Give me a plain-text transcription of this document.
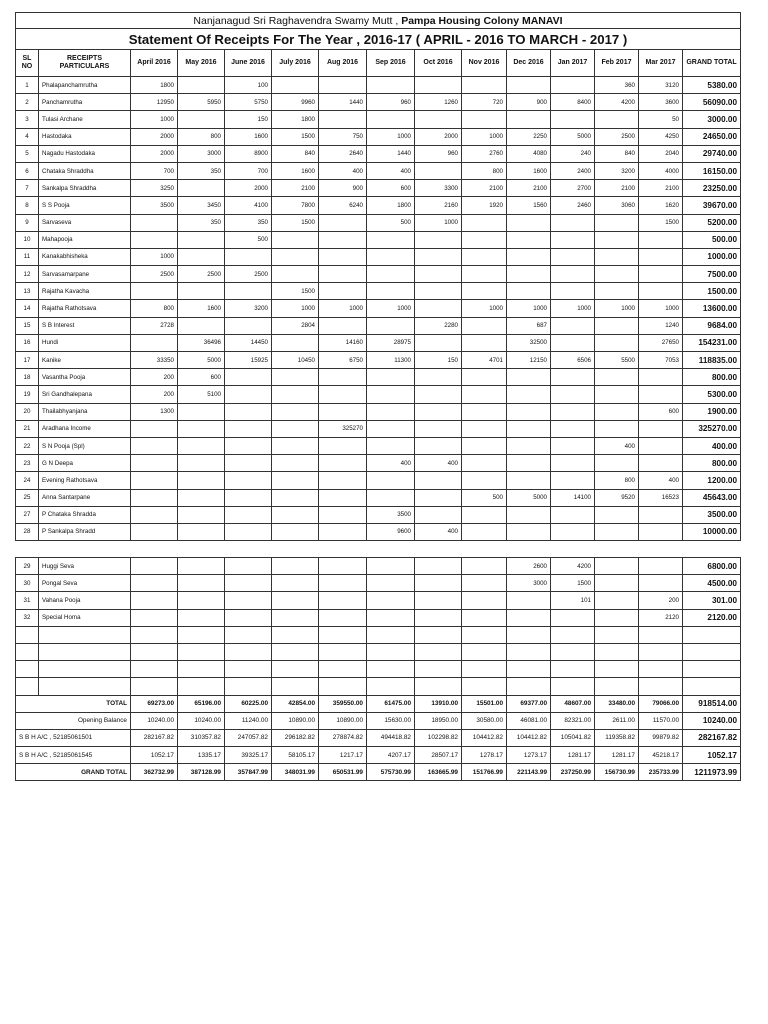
Nanjanagud Sri Raghavendra Swamy Mutt , Pampa Housing Colony MANAVI														
Statement Of Receipts For The Year , 2016-17 ( APRIL - 2016 TO MARCH - 2017 )														
SL NO	RECEIPTS PARTICULARS	April 2016	May 2016	June 2016	July 2016	Aug 2016	Sep 2016	Oct 2016	Nov 2016	Dec 2016	Jan 2017	Feb 2017	Mar 2017	GRAND TOTAL
1	Phalapanchamrutha	1800		100								360	3120	5380.00
2	Panchamrutha	12950	5950	5750	9960	1440	960	1260	720	900	8400	4200	3600	56090.00
3	Tulasi Archane	1000		150	1800								50	3000.00
4	Hastodaka	2000	800	1600	1500	750	1000	2000	1000	2250	5000	2500	4250	24650.00
5	Nagadu Hastodaka	2000	3000	8900	840	2640	1440	960	2760	4080	240	840	2040	29740.00
6	Chataka Shraddha	700	350	700	1600	400	400		800	1600	2400	3200	4000	16150.00
7	Sankalpa Shraddha	3250		2000	2100	900	600	3300	2100	2100	2700	2100	2100	23250.00
8	S S Pooja	3500	3450	4100	7800	6240	1800	2160	1920	1560	2460	3060	1620	39670.00
9	Sarvaseva		350	350	1500		500	1000					1500	5200.00
10	Mahapooja			500										500.00
11	Kanakabhisheka	1000												1000.00
12	Sarvasamarpane	2500	2500	2500										7500.00
13	Rajatha Kavacha				1500									1500.00
14	Rajatha Rathotsava	800	1600	3200	1000	1000	1000		1000	1000	1000	1000	1000	13600.00
15	S B Interest	2728			2804			2280		687			1240	9684.00
16	Hundi		36496	14450		14160	28975			32500			27650	154231.00
17	Kanike	33350	5000	15925	10450	6750	11300	150	4701	12150	6506	5500	7053	118835.00
18	Vasantha Pooja	200	600											800.00
19	Sri Gandhalepana	200	5100											5300.00
20	Thailabhyanjana	1300											600	1900.00
21	Aradhana Income					325270								325270.00
22	S N Pooja (Spl)											400		400.00
23	G N Deepa						400	400						800.00
24	Evening Rathotsava											800	400	1200.00
25	Anna Santarpane								500	5000	14100	9520	16523	45643.00
27	P Chataka Shradda						3500							3500.00
28	P Sankalpa Shradd						9600	400						10000.00
29	Huggi Seva									2600	4200			6800.00
30	Pongal Seva									3000	1500			4500.00
31	Vahana Pooja										101		200	301.00
32	Special Homa												2120	2120.00

TOTAL		69273.00	65196.00	60225.00	42854.00	359550.00	61475.00	13910.00	15501.00	69377.00	48607.00	33480.00	79066.00	918514.00
Opening Balance		10240.00	10240.00	11240.00	10890.00	10890.00	15630.00	18950.00	30580.00	46081.00	82321.00	2611.00	11570.00	10240.00
S B H A/C , 52185061501		282167.82	310357.82	247057.82	296182.82	278874.82	494418.82	102298.82	104412.82	104412.82	105041.82	119358.82	99879.82	282167.82
S B H A/C , 52185061545		1052.17	1335.17	39325.17	58105.17	1217.17	4207.17	28507.17	1278.17	1273.17	1281.17	1281.17	45218.17	1052.17
GRAND TOTAL		362732.99	387128.99	357847.99	348031.99	650531.99	575730.99	163665.99	151766.99	221143.99	237250.99	156730.99	235733.99	1211973.99
